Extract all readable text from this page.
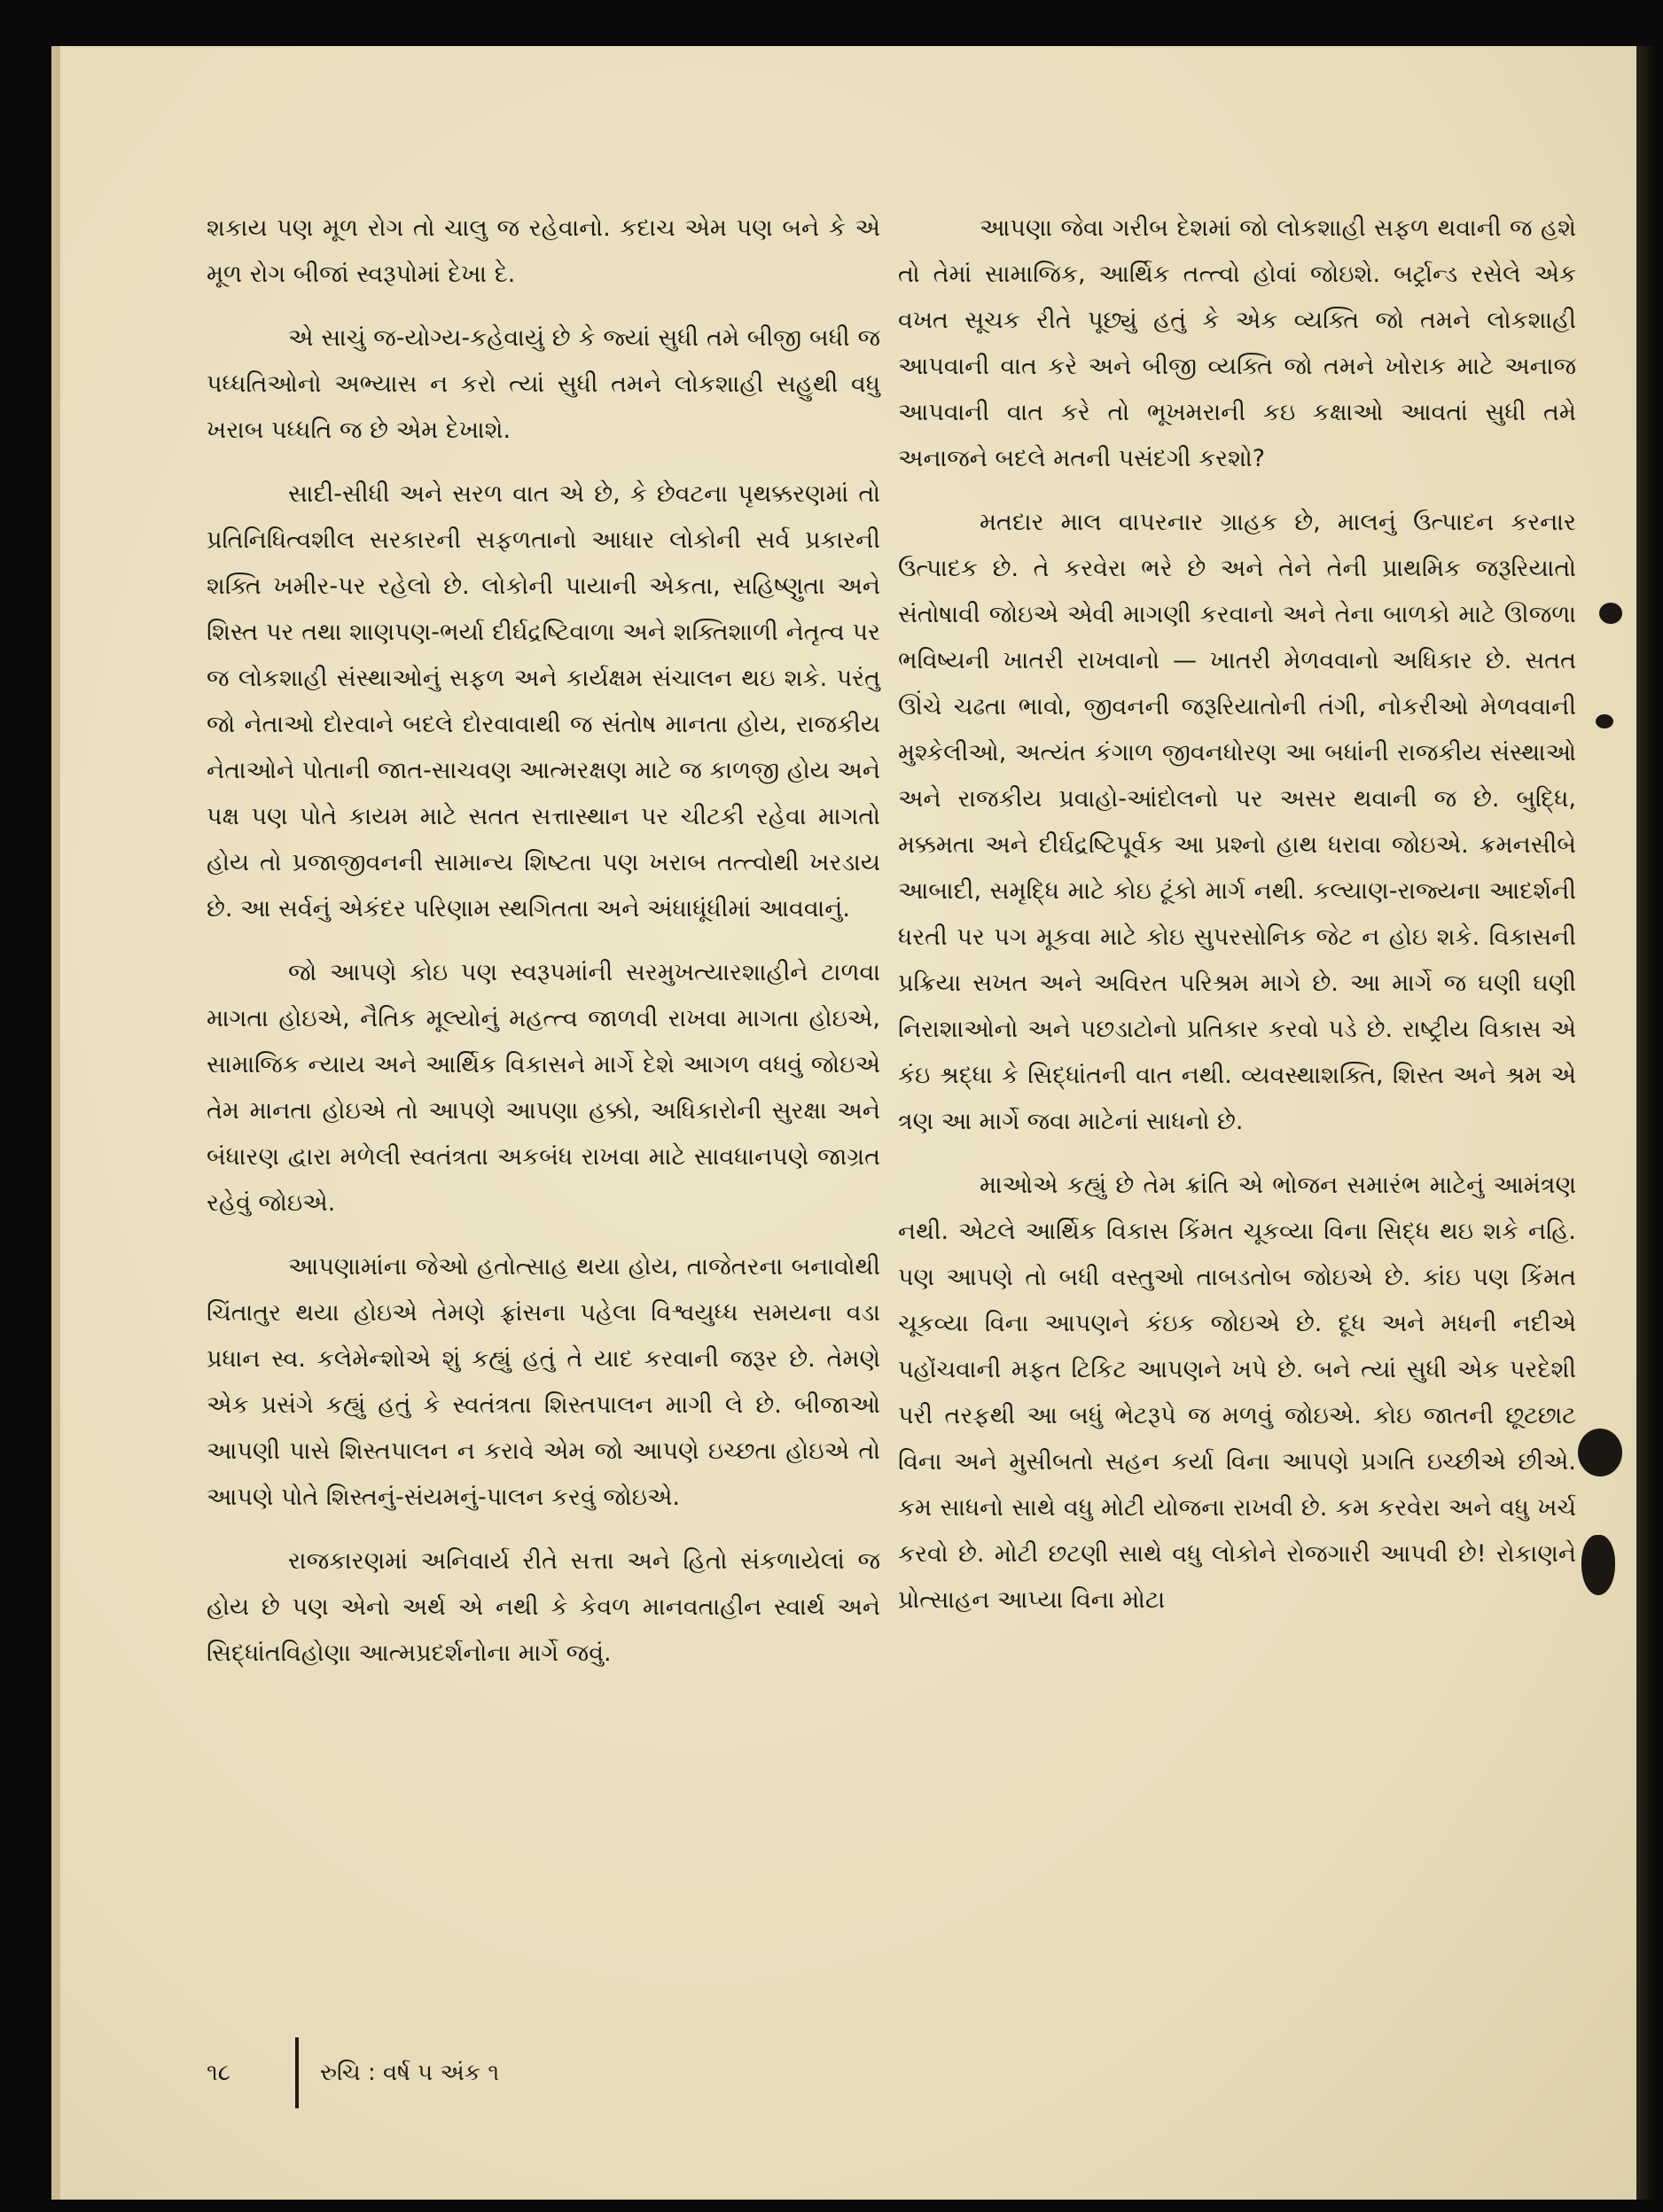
શકાય પણ મૂળ રોગ તો ચાલુ જ રહેવાનો. કદાચ એમ પણ બને કે એ મૂળ રોગ બીજાં સ્વરૂપોમાં દેખા દે.

એ સાચું જ-યોગ્ય-કહેવાયું છે કે જ્યાં સુધી તમે બીજી બધી જ પધ્ધતિઓનો અભ્યાસ ન કરો ત્યાં સુધી તમને લોકશાહી સહુથી વધુ ખરાબ પધ્ધતિ જ છે એમ દેખાશે.

સાદી-સીધી અને સરળ વાત એ છે, કે છેવટના પૃથક્કરણમાં તો પ્રતિનિધિત્વશીલ સરકારની સફળતાનો આધાર લોકોની સર્વ પ્રકારની શક્તિ ખમીર-પર રહેલો છે. લોકોની પાયાની એકતા, સહિષ્ણુતા અને શિસ્ત પર તથા શાણપણ-ભર્યા દીર્ઘદ્રષ્ટિવાળા અને શક્તિશાળી નેતૃત્વ પર જ લોકશાહી સંસ્થાઓનું સફળ અને કાર્યક્ષમ સંચાલન થઇ શકે. પરંતુ જો નેતાઓ દોરવાને બદલે દોરવાવાથી જ સંતોષ માનતા હોય, રાજકીય નેતાઓને પોતાની જાત-સાચવણ આત્મરક્ષણ માટે જ કાળજી હોય અને પક્ષ પણ પોતે કાયમ માટે સતત સત્તાસ્થાન પર ચીટકી રહેવા માગતો હોય તો પ્રજાજીવનની સામાન્ય શિષ્ટતા પણ ખરાબ તત્ત્વોથી ખરડાય છે. આ સર્વનું એકંદર પરિણામ સ્થગિતતા અને અંધાધૂંધીમાં આવવાનું.

જો આપણે કોઇ પણ સ્વરૂપમાંની સરમુખત્યારશાહીને ટાળવા માગતા હોઇએ, નૈતિક મૂલ્યોનું મહત્ત્વ જાળવી રાખવા માગતા હોઇએ, સામાજિક ન્યાય અને આર્થિક વિકાસને માર્ગે દેશે આગળ વધવું જોઇએ તેમ માનતા હોઇએ તો આપણે આપણા હક્કો, અધિકારોની સુરક્ષા અને બંધારણ દ્વારા મળેલી સ્વતંત્રતા અકબંધ રાખવા માટે સાવધાનપણે જાગ્રત રહેવું જોઇએ.

આપણામાંના જેઓ હતોત્સાહ થયા હોય, તાજેતરના બનાવોથી ચિંતાતુર થયા હોઇએ તેમણે ફ્રાંસના પહેલા વિશ્વયુધ્ધ સમયના વડા પ્રધાન સ્વ. કલેમેન્શોએ શું કહ્યું હતું તે યાદ કરવાની જરૂર છે. તેમણે એક પ્રસંગે કહ્યું હતું કે સ્વતંત્રતા શિસ્તપાલન માગી લે છે. બીજાઓ આપણી પાસે શિસ્તપાલન ન કરાવે એમ જો આપણે ઇચ્છતા હોઇએ તો આપણે પોતે શિસ્તનું-સંયમનું-પાલન કરવું જોઇએ.

રાજકારણમાં અનિવાર્ય રીતે સત્તા અને હિતો સંકળાયેલાં જ હોય છે પણ એનો અર્થ એ નથી કે કેવળ માનવતાહીન સ્વાર્થ અને સિદ્ધાંતવિહોણા આત્મપ્રદર્શનોના માર્ગે જવું.

આપણા જેવા ગરીબ દેશમાં જો લોકશાહી સફળ થવાની જ હશે તો તેમાં સામાજિક, આર્થિક તત્ત્વો હોવાં જોઇશે. બર્ટ્રાન્ડ રસેલે એક વખત સૂચક રીતે પૂછ્યું હતું કે એક વ્યક્તિ જો તમને લોકશાહી આપવાની વાત કરે અને બીજી વ્યક્તિ જો તમને ખોરાક માટે અનાજ આપવાની વાત કરે તો ભૂખમરાની કઇ કક્ષાઓ આવતાં સુધી તમે અનાજને બદલે મતની પસંદગી કરશો?

મતદાર માલ વાપરનાર ગ્રાહક છે, માલનું ઉત્પાદન કરનાર ઉત્પાદક છે. તે કરવેરા ભરે છે અને તેને તેની પ્રાથમિક જરૂરિયાતો સંતોષાવી જોઇએ એવી માગણી કરવાનો અને તેના બાળકો માટે ઊજળા ભવિષ્યની ખાતરી રાખવાનો — ખાતરી મેળવવાનો અધિકાર છે. સતત ઊંચે ચઢતા ભાવો, જીવનની જરૂરિયાતોની તંગી, નોકરીઓ મેળવવાની મુશ્કેલીઓ, અત્યંત કંગાળ જીવનધોરણ આ બધાંની રાજકીય સંસ્થાઓ અને રાજકીય પ્રવાહો-આંદોલનો પર અસર થવાની જ છે. બુદ્ધિ, મક્કમતા અને દીર્ઘદ્રષ્ટિપૂર્વક આ પ્રશ્નો હાથ ધરાવા જોઇએ. ક્રમનસીબે આબાદી, સમૃદ્ધિ માટે કોઇ ટૂંકો માર્ગ નથી. કલ્યાણ-રાજ્યના આદર્શની ધરતી પર પગ મૂકવા માટે કોઇ સુપરસોનિક જેટ ન હોઇ શકે. વિકાસની પ્રક્રિયા સખત અને અવિરત પરિશ્રમ માગે છે. આ માર્ગે જ ઘણી ઘણી નિરાશાઓનો અને પછડાટોનો પ્રતિકાર કરવો પડે છે. રાષ્ટ્રીય વિકાસ એ કંઇ શ્રદ્ધા કે સિદ્ધાંતની વાત નથી. વ્યવસ્થાશક્તિ, શિસ્ત અને શ્રમ એ ત્રણ આ માર્ગે જવા માટેનાં સાધનો છે.

માઓએ કહ્યું છે તેમ ક્રાંતિ એ ભોજન સમારંભ માટેનું આમંત્રણ નથી. એટલે આર્થિક વિકાસ કિંમત ચૂકવ્યા વિના સિદ્ધ થઇ શકે નહિ. પણ આપણે તો બધી વસ્તુઓ તાબડતોબ જોઇએ છે. કાંઇ પણ કિંમત ચૂકવ્યા વિના આપણને કંઇક જોઇએ છે. દૂધ અને મધની નદીએ પહોંચવાની મફત ટિકિટ આપણને ખપે છે. બને ત્યાં સુધી એક પરદેશી પરી તરફથી આ બધું ભેટરૂપે જ મળવું જોઇએ. કોઇ જાતની છૂટછાટ વિના અને મુસીબતો સહન કર્યા વિના આપણે પ્રગતિ ઇચ્છીએ છીએ. કમ સાધનો સાથે વધુ મોટી યોજના રાખવી છે. કમ કરવેરા અને વધુ ખર્ચ કરવો છે. મોટી છટણી સાથે વધુ લોકોને રોજગારી આપવી છે! રોકાણને પ્રોત્સાહન આપ્યા વિના મોટા

૧૮	રુચિ : વર્ષ ૫ અંક ૧
